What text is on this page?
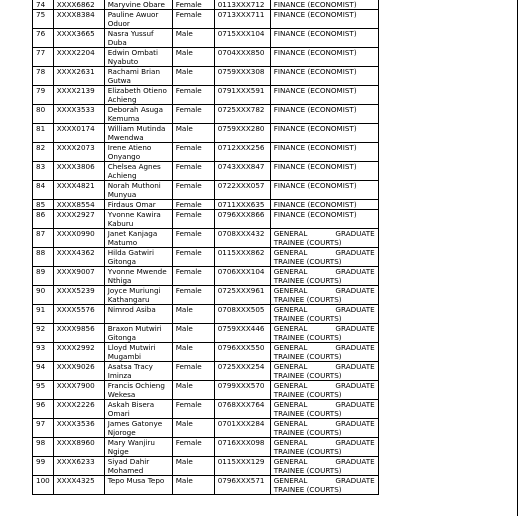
74	XXXX6862	Maryvine Obare	Female	0113XXX712	FINANCE (ECONOMIST)
75	XXXX8384	Pauline Awuor Oduor	Female	0713XXX711	FINANCE (ECONOMIST)
76	XXXX3665	Nasra Yussuf Duba	Male	0715XXX104	FINANCE (ECONOMIST)
77	XXXX2204	Edwin Ombati Nyabuto	Male	0704XXX850	FINANCE (ECONOMIST)
78	XXXX2631	Rachami Brian Gutwa	Male	0759XXX308	FINANCE (ECONOMIST)
79	XXXX2139	Elizabeth Otieno Achieng	Female	0791XXX591	FINANCE (ECONOMIST)
80	XXXX3533	Deborah Asuga Kemuma	Female	0725XXX782	FINANCE (ECONOMIST)
81	XXXX0174	William Mutinda Mwendwa	Male	0759XXX280	FINANCE (ECONOMIST)
82	XXXX2073	Irene Atieno Onyango	Female	0712XXX256	FINANCE (ECONOMIST)
83	XXXX3806	Chelsea Agnes Achieng	Female	0743XXX847	FINANCE (ECONOMIST)
84	XXXX4821	Norah Muthoni Munyua	Female	0722XXX057	FINANCE (ECONOMIST)
85	XXXX8554	Firdaus Omar	Female	0711XXX635	FINANCE (ECONOMIST)
86	XXXX2927	Yvonne Kawira Kaburu	Female	0796XXX866	FINANCE (ECONOMIST)
87	XXXX0990	Janet Kanjaga Matumo	Female	0708XXX432	GENERAL GRADUATE
TRAINEE (COURTS)

88	XXXX4362	Hilda Gatwiri Gitonga	Female	0115XXX862	GENERAL GRADUATE
TRAINEE (COURTS)

89	XXXX9007	Yvonne Mwende Nthiga	Female	0706XXX104	GENERAL GRADUATE
TRAINEE (COURTS)

90	XXXX5239	Joyce Muriungi Kathangaru	Female	0725XXX961	GENERAL GRADUATE
TRAINEE (COURTS)

91	XXXX5576	Nimrod Asiba	Male	0708XXX505	GENERAL GRADUATE
TRAINEE (COURTS)

92	XXXX9856	Braxon Mutwiri Gitonga	Male	0759XXX446	GENERAL GRADUATE
TRAINEE (COURTS)

93	XXXX2992	Lloyd Mutwiri Mugambi	Male	0796XXX550	GENERAL GRADUATE
TRAINEE (COURTS)

94	XXXX9026	Asatsa Tracy Iminza	Female	0725XXX254	GENERAL GRADUATE
TRAINEE (COURTS)

95	XXXX7900	Francis Ochieng Wekesa	Male	0799XXX570	GENERAL GRADUATE
TRAINEE (COURTS)

96	XXXX2226	Askah Bisera Omari	Female	0768XXX764	GENERAL GRADUATE
TRAINEE (COURTS)

97	XXXX3536	James Gatonye Njoroge	Male	0701XXX284	GENERAL GRADUATE
TRAINEE (COURTS)

98	XXXX8960	Mary Wanjiru Ngige	Female	0716XXX098	GENERAL GRADUATE
TRAINEE (COURTS)

99	XXXX6233	Siyad Dahir Mohamed	Male	0115XXX129	GENERAL GRADUATE
TRAINEE (COURTS)

100	XXXX4325	Tepo Musa Tepo	Male	0796XXX571	GENERAL GRADUATE
TRAINEE (COURTS)
